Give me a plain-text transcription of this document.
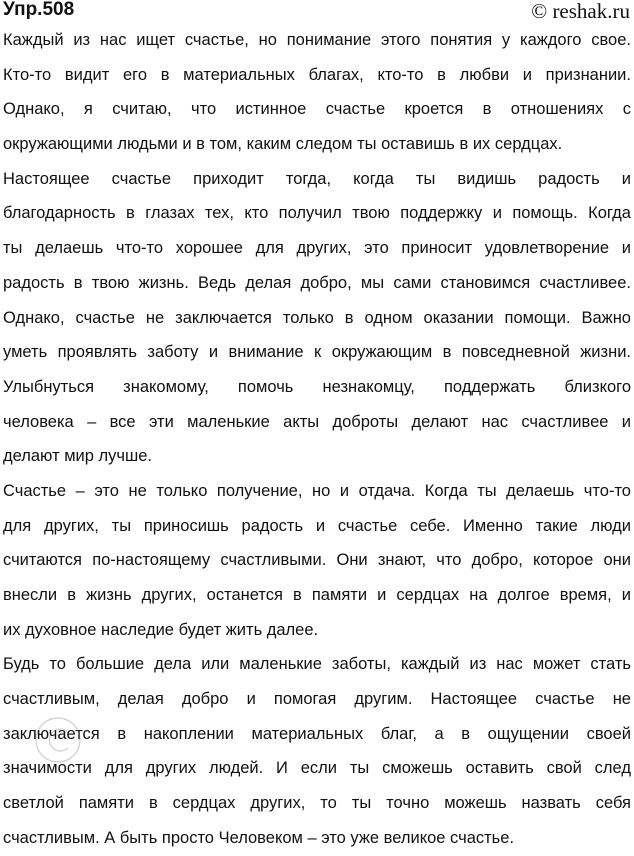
Упр.508	© reshak.ru
Каждый из нас ищет счастье, но понимание этого понятия у каждого свое.
Кто-то видит его в материальных благах, кто-то в любви и признании.
Однако, я считаю, что истинное счастье кроется в отношениях с
окружающими людьми и в том, каким следом ты оставишь в их сердцах.
Настоящее счастье приходит тогда, когда ты видишь радость и
благодарность в глазах тех, кто получил твою поддержку и помощь. Когда
ты делаешь что-то хорошее для других, это приносит удовлетворение и
радость в твою жизнь. Ведь делая добро, мы сами становимся счастливее.
Однако, счастье не заключается только в одном оказании помощи. Важно
уметь проявлять заботу и внимание к окружающим в повседневной жизни.
Улыбнуться знакомому, помочь незнакомцу, поддержать близкого
человека – все эти маленькие акты доброты делают нас счастливее и
делают мир лучше.
Счастье – это не только получение, но и отдача. Когда ты делаешь что-то
для других, ты приносишь радость и счастье себе. Именно такие люди
считаются по-настоящему счастливыми. Они знают, что добро, которое они
внесли в жизнь других, останется в памяти и сердцах на долгое время, и
их духовное наследие будет жить далее.
Будь то большие дела или маленькие заботы, каждый из нас может стать
счастливым, делая добро и помогая другим. Настоящее счастье не
заключается в накоплении материальных благ, а в ощущении своей
значимости для других людей. И если ты сможешь оставить свой след
светлой памяти в сердцах других, то ты точно можешь назвать себя
счастливым. А быть просто Человеком – это уже великое счастье.
